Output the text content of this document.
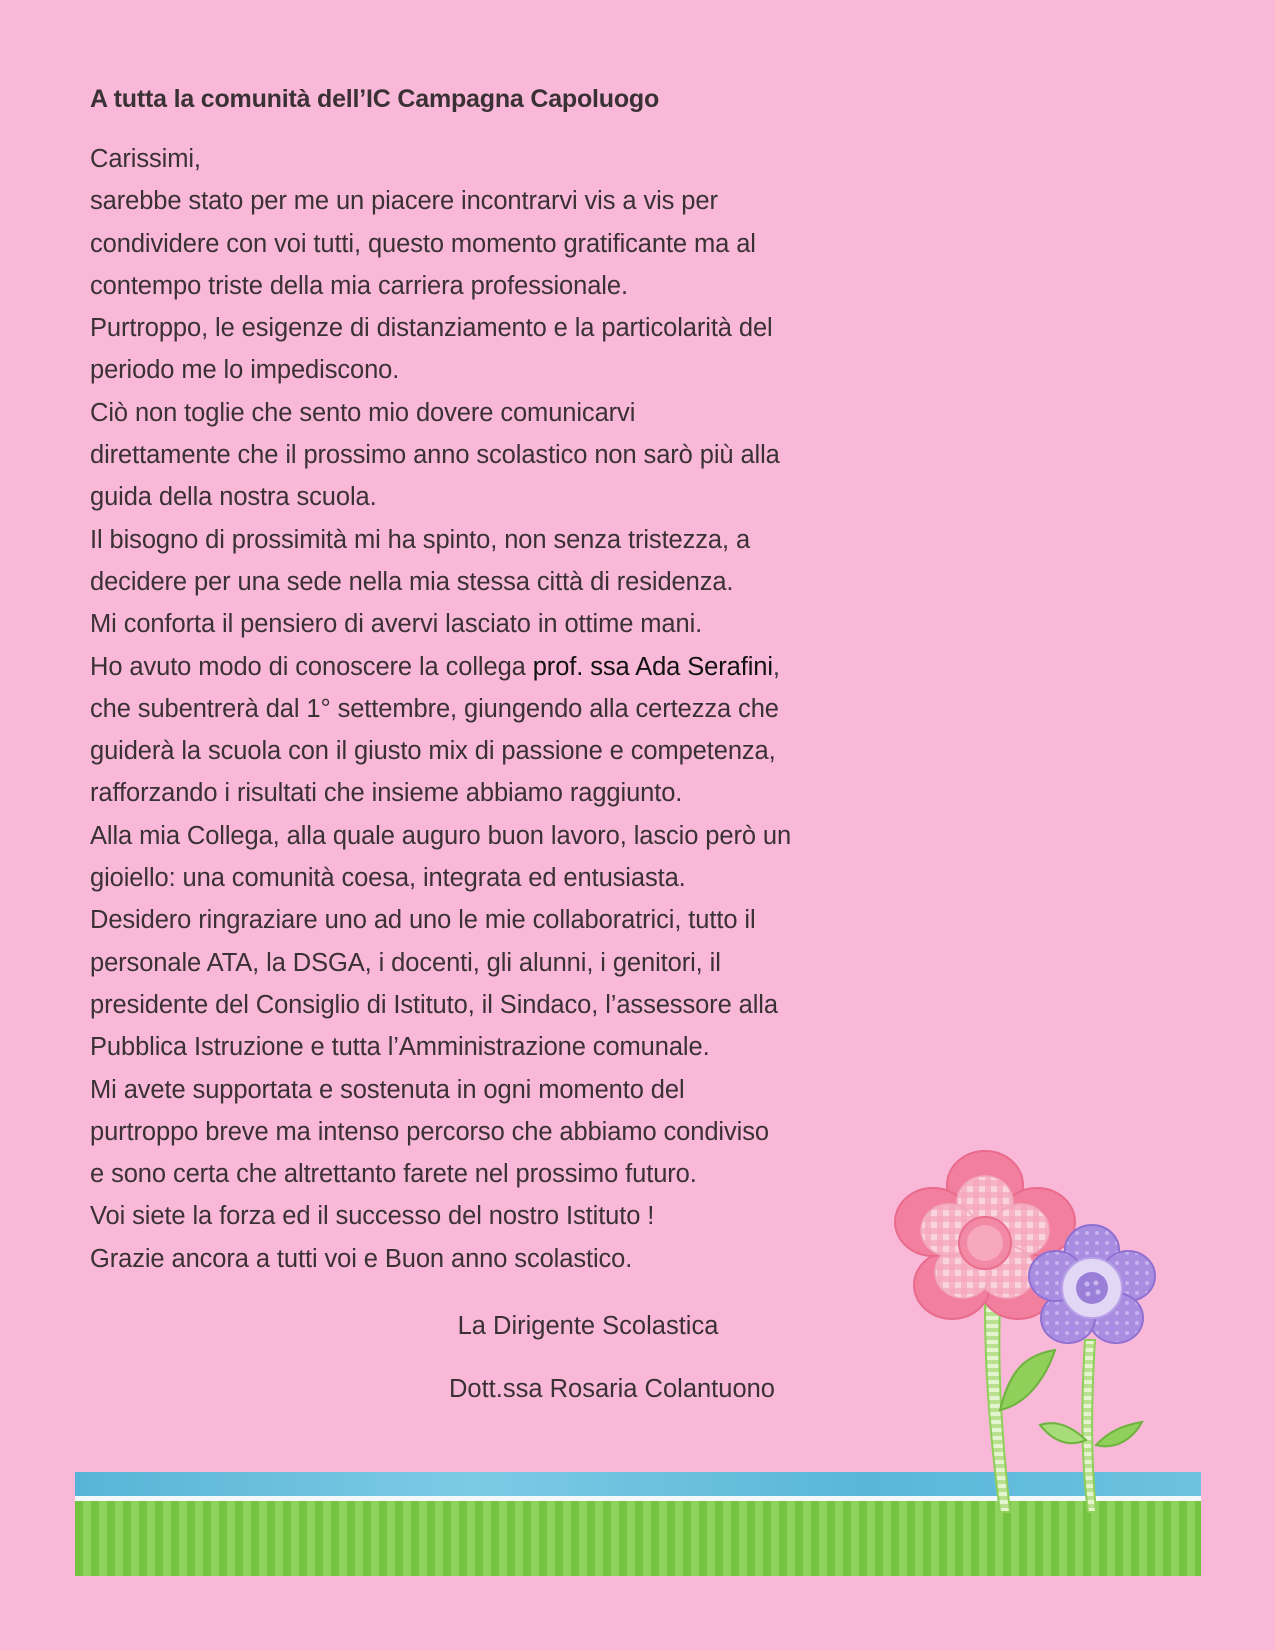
A tutta la comunità dell’IC Campagna Capoluogo
Carissimi,
sarebbe stato per me un piacere incontrarvi vis a vis per
condividere con voi tutti, questo momento gratificante ma al
contempo triste della mia carriera professionale.
Purtroppo, le esigenze di distanziamento e la particolarità del
periodo me lo impediscono.
Ciò non toglie che sento mio dovere comunicarvi
direttamente che il prossimo anno scolastico non sarò più alla
guida della nostra scuola.
Il bisogno di prossimità mi ha spinto, non senza tristezza, a
decidere per una sede nella mia stessa città di residenza.
Mi conforta il pensiero di avervi lasciato in ottime mani.
Ho avuto modo di conoscere la collega prof. ssa Ada Serafini,
che subentrerà dal 1° settembre, giungendo alla certezza che
guiderà la scuola con il giusto mix di passione e competenza,
rafforzando i risultati che insieme abbiamo raggiunto.
Alla mia Collega, alla quale auguro buon lavoro, lascio però un
gioiello: una comunità coesa, integrata ed entusiasta.
Desidero ringraziare uno ad uno le mie collaboratrici, tutto il
personale ATA, la DSGA, i docenti, gli alunni, i genitori, il
presidente del Consiglio di Istituto, il Sindaco, l’assessore alla
Pubblica Istruzione e tutta l’Amministrazione comunale.
Mi avete supportata e sostenuta in ogni momento del
purtroppo breve ma intenso percorso che abbiamo condiviso
e sono certa che altrettanto farete nel prossimo futuro.
Voi siete la forza ed il successo del nostro Istituto !
Grazie ancora a tutti voi e Buon anno scolastico.
La Dirigente Scolastica
Dott.ssa Rosaria Colantuono
